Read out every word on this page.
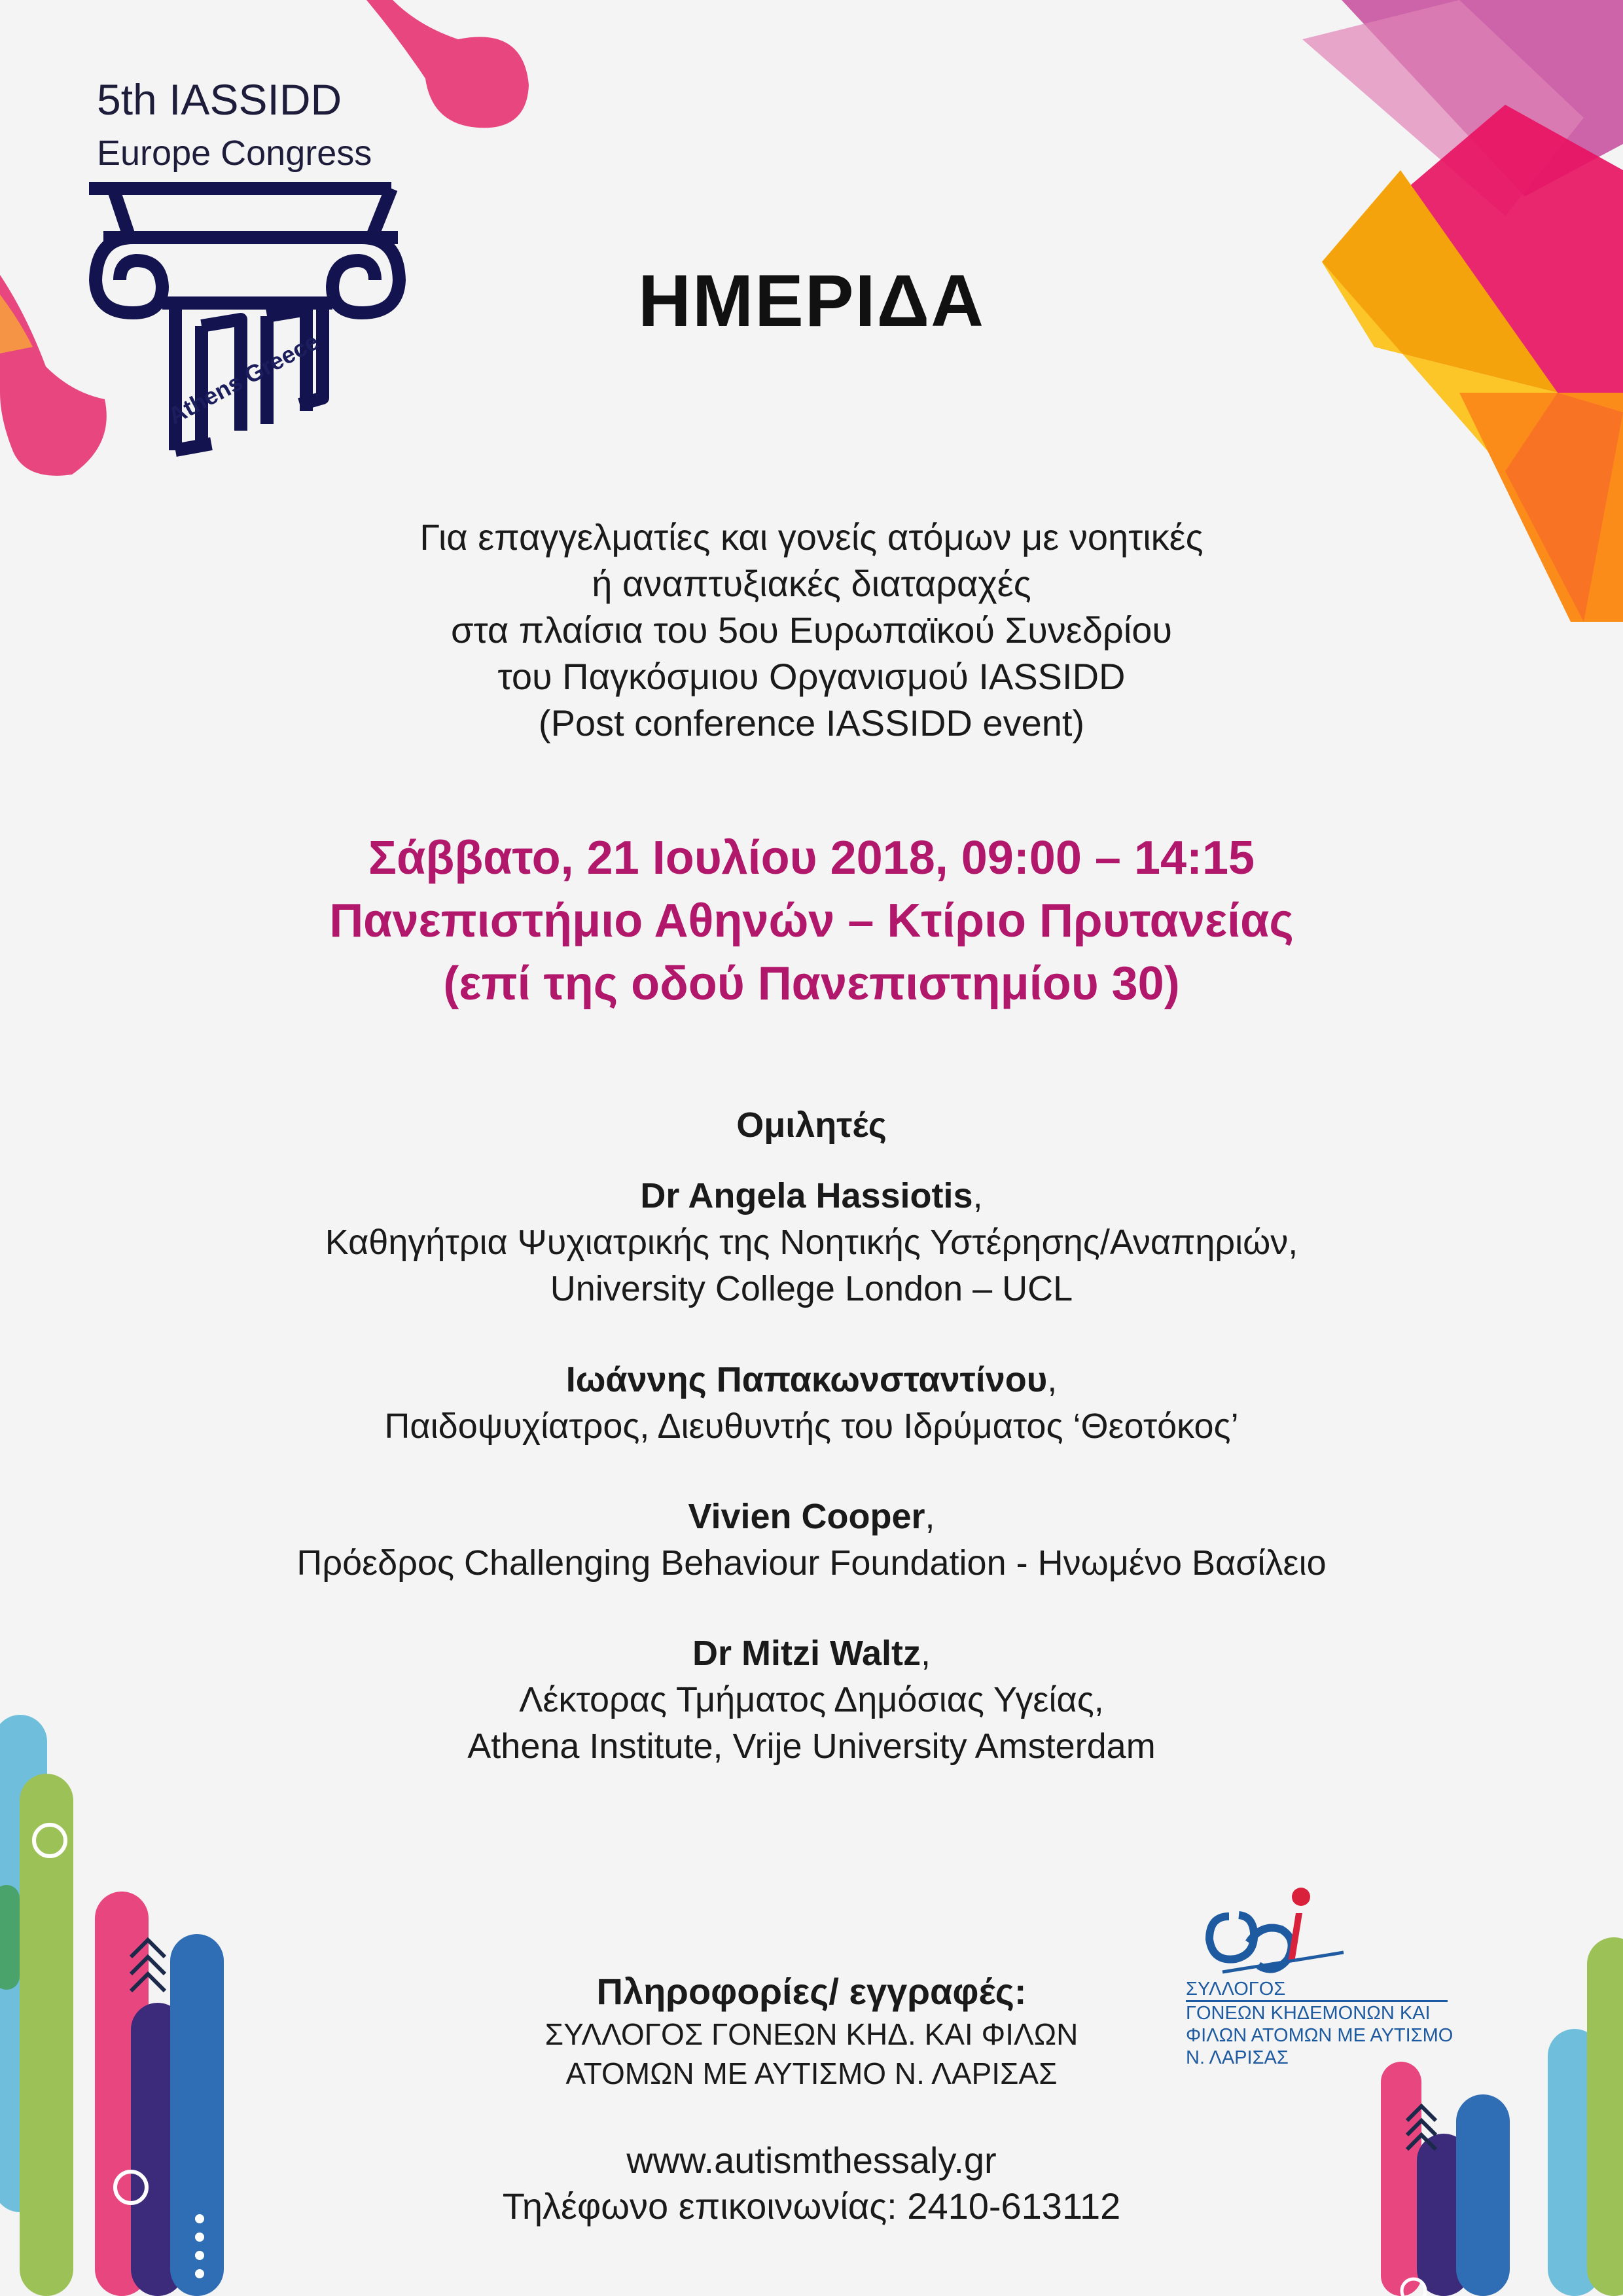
5th IASSIDD
Europe Congress
Athens Greece
ΗΜΕΡΙΔΑ
Για επαγγελματίες και γονείς ατόμων με νοητικές
ή αναπτυξιακές διαταραχές
στα πλαίσια του 5ου Ευρωπαϊκού Συνεδρίου
του Παγκόσμιου Οργανισμού IASSIDD
(Post conference IASSIDD event)
Σάββατο, 21 Ιουλίου 2018, 09:00 – 14:15
Πανεπιστήμιο Αθηνών – Κτίριο Πρυτανείας
(επί της οδού Πανεπιστημίου 30)
Ομιλητές
Dr Angela Hassiotis,
Καθηγήτρια Ψυχιατρικής της Νοητικής Υστέρησης/Αναπηριών,
University College London – UCL
Ιωάννης Παπακωνσταντίνου,
Παιδοψυχίατρος, Διευθυντής του Ιδρύματος ‘Θεοτόκος’
Vivien Cooper,
Πρόεδρος Challenging Behaviour Foundation - Ηνωμένο Βασίλειο
Dr Mitzi Waltz,
Λέκτορας Τμήματος Δημόσιας Υγείας,
Athena Institute, Vrije University Amsterdam
Πληροφορίες/ εγγραφές:
ΣΥΛΛΟΓΟΣ ΓΟΝΕΩΝ ΚΗΔ. ΚΑΙ ΦΙΛΩΝ
ΑΤΟΜΩΝ ΜΕ ΑΥΤΙΣΜΟ Ν. ΛΑΡΙΣΑΣ
www.autismthessaly.gr
Τηλέφωνο επικοινωνίας: 2410-613112
ΣΥΛΛΟΓΟΣ
ΓΟΝΕΩΝ ΚΗΔΕΜΟΝΩΝ ΚΑΙ
ΦΙΛΩΝ ΑΤΟΜΩΝ ΜΕ ΑΥΤΙΣΜΟ
Ν. ΛΑΡΙΣΑΣ
